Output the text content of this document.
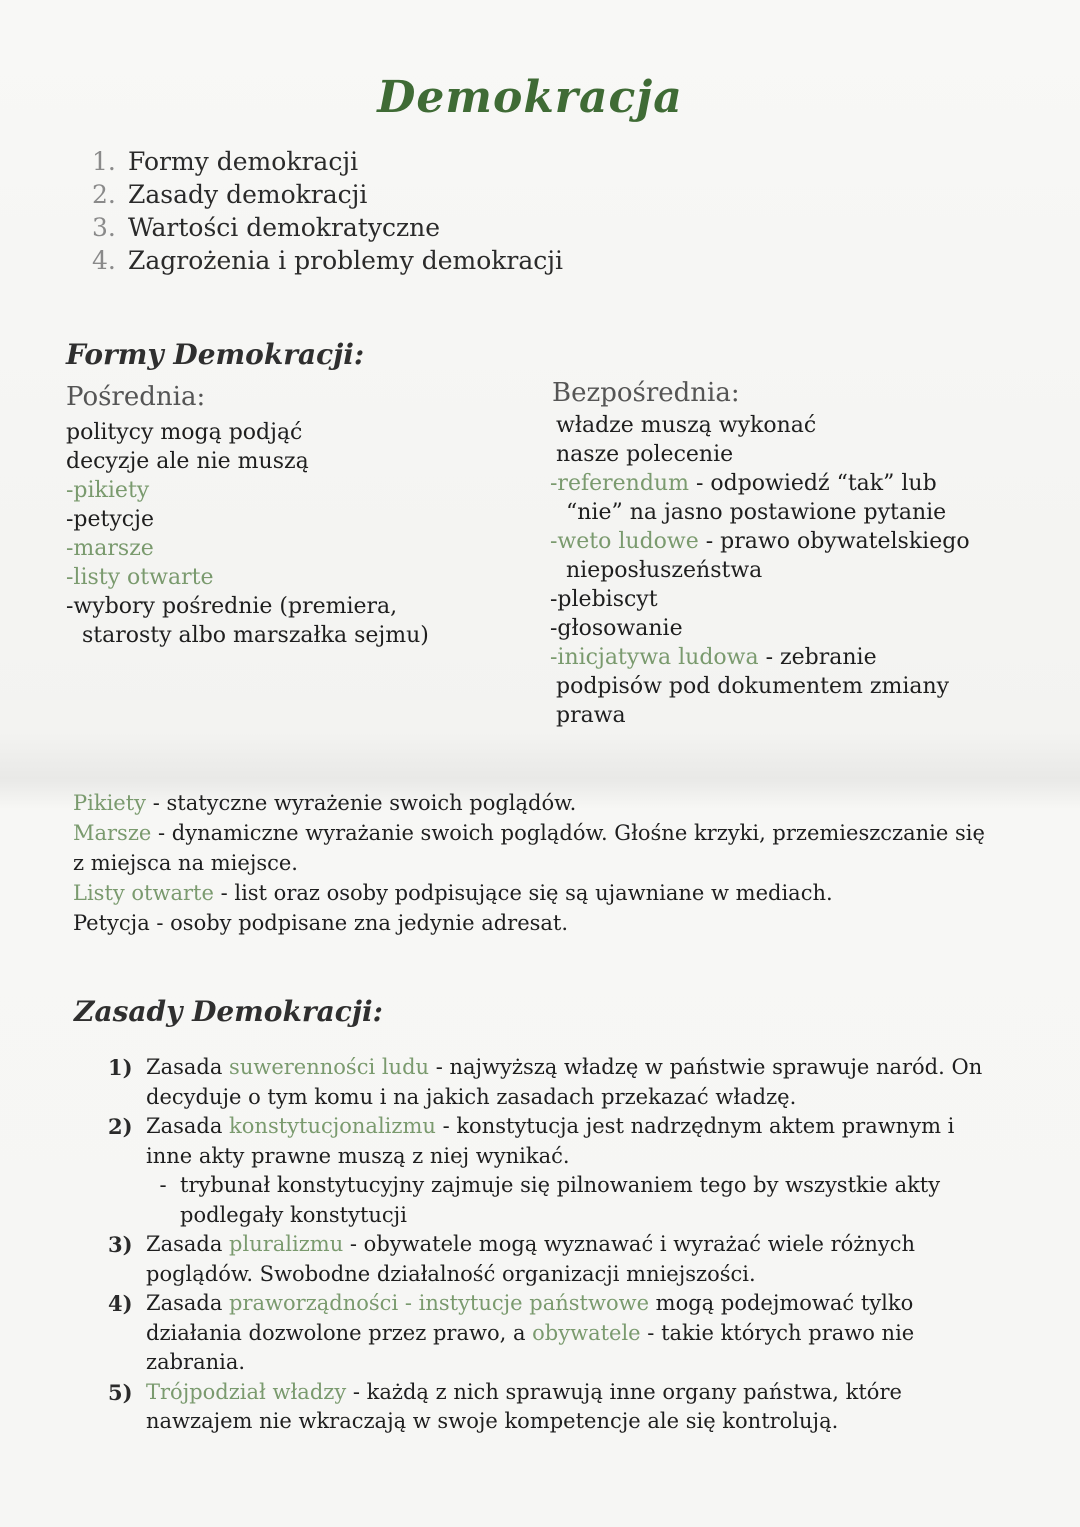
Demokracja
1. Formy demokracji
2. Zasady demokracji
3. Wartości demokratyczne
4. Zagrożenia i problemy demokracji
Formy Demokracji:
Pośrednia:
politycy mogą podjąć
decyzje ale nie muszą
-pikiety
-petycje
-marsze
-listy otwarte
-wybory pośrednie (premiera,
starosty albo marszałka sejmu)
Bezpośrednia:
władze muszą wykonać
nasze polecenie
-referendum - odpowiedź “tak” lub
“nie” na jasno postawione pytanie
-weto ludowe - prawo obywatelskiego
nieposłuszeństwa
-plebiscyt
-głosowanie
-inicjatywa ludowa - zebranie
podpisów pod dokumentem zmiany
prawa

Pikiety - statyczne wyrażenie swoich poglądów.

Marsze - dynamiczne wyrażanie swoich poglądów. Głośne krzyki, przemieszczanie się z miejsca na miejsce.

Listy otwarte - list oraz osoby podpisujące się są ujawniane w mediach.

Petycja - osoby podpisane zna jedynie adresat.

Zasady Demokracji:
1) Zasada suwerenności ludu - najwyższą władzę w państwie sprawuje naród. On decyduje o tym komu i na jakich zasadach przekazać władzę.
2) Zasada konstytucjonalizmu - konstytucja jest nadrzędnym aktem prawnym i inne akty prawne muszą z niej wynikać.
- trybunał konstytucyjny zajmuje się pilnowaniem tego by wszystkie akty podlegały konstytucji
3) Zasada pluralizmu - obywatele mogą wyznawać i wyrażać wiele różnych poglądów. Swobodne działalność organizacji mniejszości.
4) Zasada praworządności - instytucje państwowe mogą podejmować tylko działania dozwolone przez prawo, a obywatele - takie których prawo nie zabrania.
5) Trójpodział władzy - każdą z nich sprawują inne organy państwa, które nawzajem nie wkraczają w swoje kompetencje ale się kontrolują.
